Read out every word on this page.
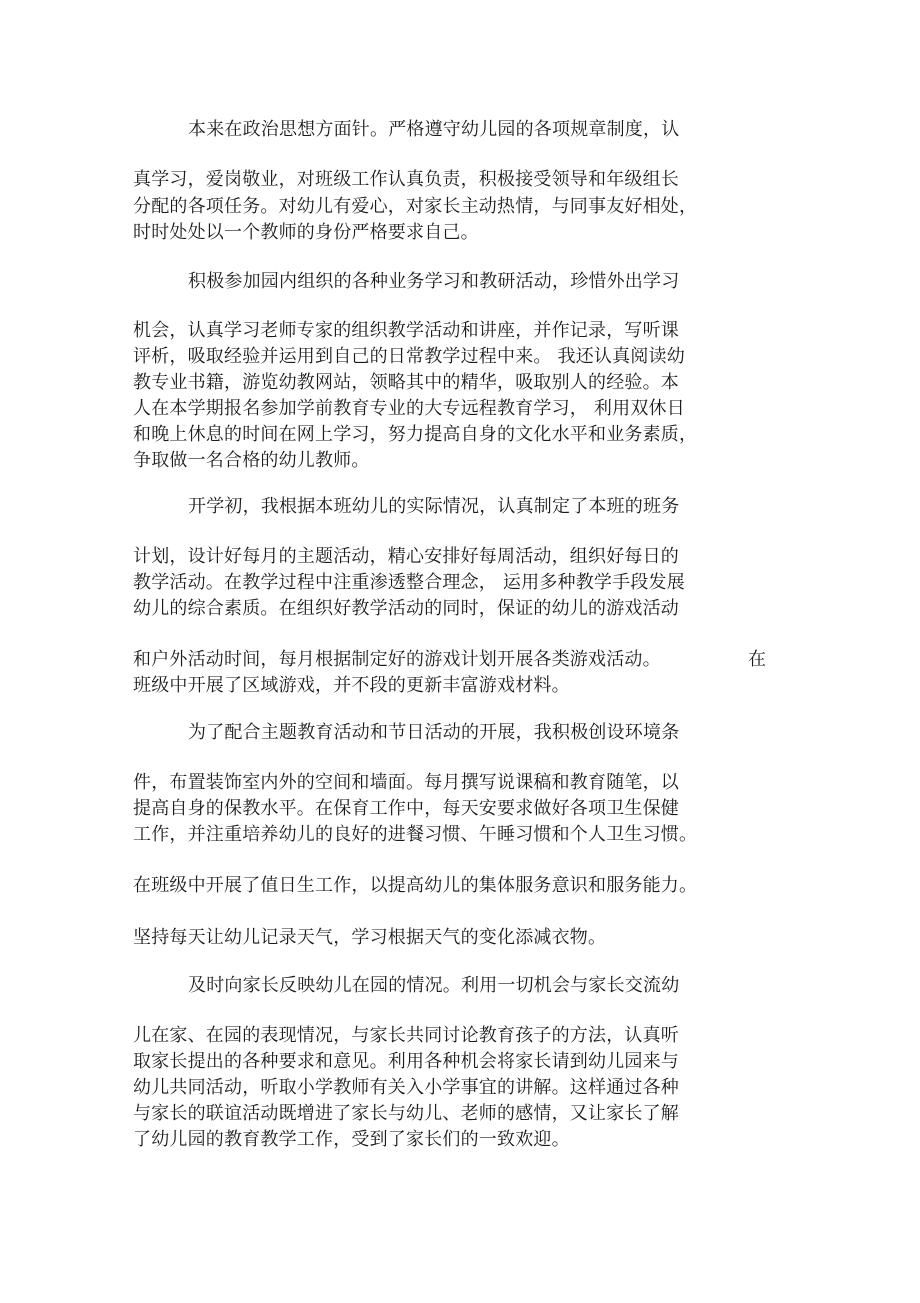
本来在政治思想方面针。严格遵守幼儿园的各项规章制度，认
真学习，爱岗敬业，对班级工作认真负责，积极接受领导和年级组长
分配的各项任务。对幼儿有爱心，对家长主动热情，与同事友好相处，
时时处处以一个教师的身份严格要求自己。
积极参加园内组织的各种业务学习和教研活动，珍惜外出学习
机会，认真学习老师专家的组织教学活动和讲座，并作记录，写听课
评析，吸取经验并运用到自己的日常教学过程中来。 我还认真阅读幼
教专业书籍，游览幼教网站，领略其中的精华，吸取别人的经验。本
人在本学期报名参加学前教育专业的大专远程教育学习， 利用双休日
和晚上休息的时间在网上学习，努力提高自身的文化水平和业务素质，
争取做一名合格的幼儿教师。
开学初，我根据本班幼儿的实际情况，认真制定了本班的班务
计划，设计好每月的主题活动，精心安排好每周活动，组织好每日的
教学活动。在教学过程中注重渗透整合理念， 运用多种教学手段发展
幼儿的综合素质。在组织好教学活动的同时，保证的幼儿的游戏活动
和户外活动时间，每月根据制定好的游戏计划开展各类游戏活动。	在
班级中开展了区域游戏，并不段的更新丰富游戏材料。
为了配合主题教育活动和节日活动的开展，我积极创设环境条
件，布置装饰室内外的空间和墙面。每月撰写说课稿和教育随笔，以
提高自身的保教水平。在保育工作中，每天安要求做好各项卫生保健
工作，并注重培养幼儿的良好的进餐习惯、午睡习惯和个人卫生习惯。
在班级中开展了值日生工作，以提高幼儿的集体服务意识和服务能力。
坚持每天让幼儿记录天气，学习根据天气的变化添减衣物。
及时向家长反映幼儿在园的情况。利用一切机会与家长交流幼
儿在家、在园的表现情况，与家长共同讨论教育孩子的方法，认真听
取家长提出的各种要求和意见。利用各种机会将家长请到幼儿园来与
幼儿共同活动，听取小学教师有关入小学事宜的讲解。这样通过各种
与家长的联谊活动既增进了家长与幼儿、老师的感情，又让家长了解
了幼儿园的教育教学工作，受到了家长们的一致欢迎。
